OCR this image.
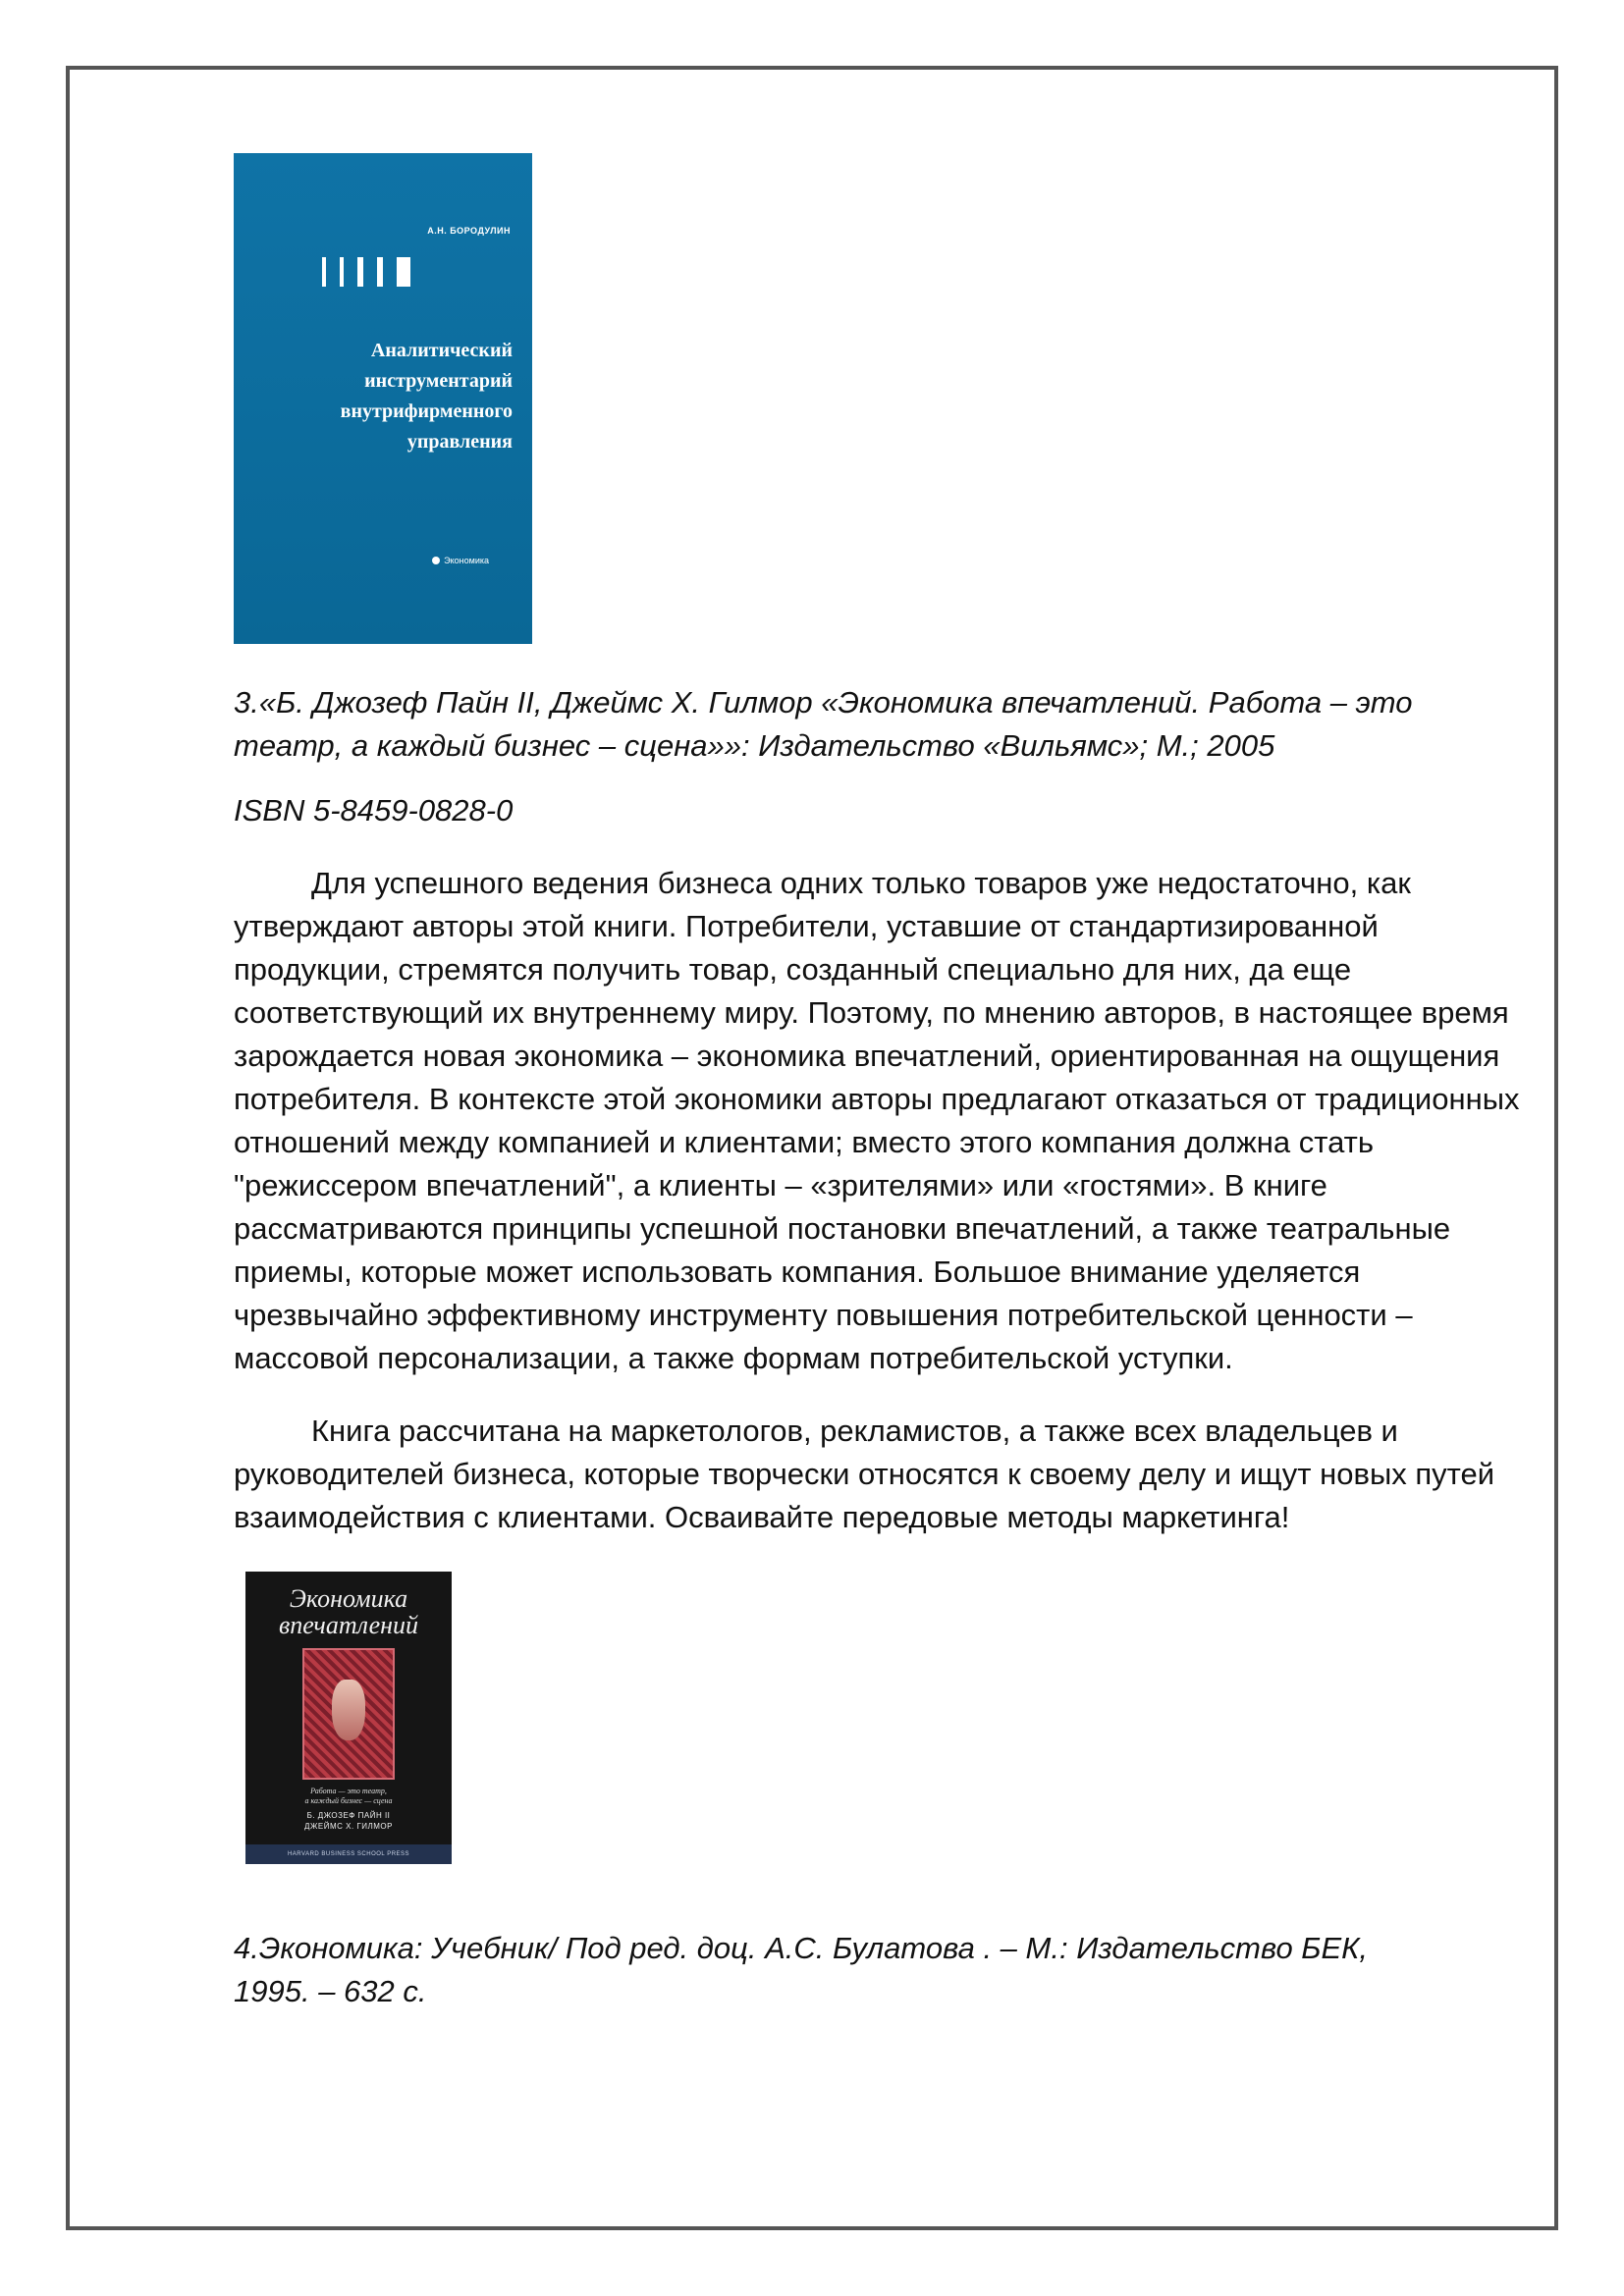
А.Н. БОРОДУЛИН
Аналитический
инструментарий
внутрифирменного
управления
Экономика

3.«Б. Джозеф Пайн II, Джеймс Х. Гилмор «Экономика впечатлений. Работа – это
театр, а каждый бизнес – сцена»»: Издательство «Вильямс»; М.; 2005

ISBN 5-8459-0828-0

Для успешного ведения бизнеса одних только товаров уже недостаточно, как утверждают авторы этой книги. Потребители, уставшие от стандартизированной продукции, стремятся получить товар, созданный специально для них, да еще соответствующий их внутреннему миру. Поэтому, по мнению авторов, в настоящее время зарождается новая экономика – экономика впечатлений, ориентированная на ощущения потребителя. В контексте этой экономики авторы предлагают отказаться от традиционных отношений между компанией и клиентами; вместо этого компания должна стать "режиссером впечатлений", а клиенты – «зрителями» или «гостями». В книге рассматриваются принципы успешной постановки впечатлений, а также театральные приемы, которые может использовать компания. Большое внимание уделяется чрезвычайно эффективному инструменту повышения потребительской ценности – массовой персонализации, а также формам потребительской уступки.

Книга рассчитана на маркетологов, рекламистов, а также всех владельцев и руководителей бизнеса, которые творчески относятся к своему делу и ищут новых путей взаимодействия с клиентами. Осваивайте передовые методы маркетинга!

Экономика
впечатлений
Работа — это театр,
а каждый бизнес — сцена
Б. ДЖОЗЕФ ПАЙН II
ДЖЕЙМС Х. ГИЛМОР
HARVARD BUSINESS SCHOOL PRESS

4.Экономика: Учебник/ Под ред. доц. А.С. Булатова . – М.: Издательство БЕК,
1995. – 632 с.
